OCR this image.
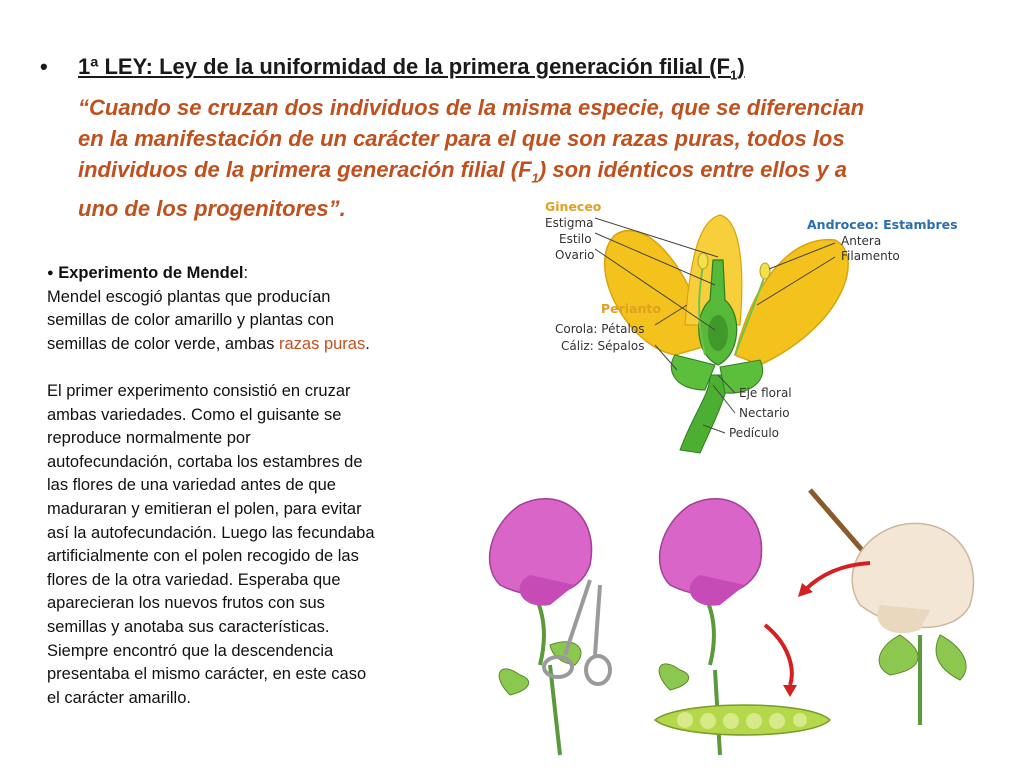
• 1ª LEY: Ley de la uniformidad de la primera generación filial $(F_1)$
“Cuando se cruzan dos individuos de la misma especie, que se diferencian
en la manifestación de un carácter para el que son razas puras, todos los
individuos de la primera generación filial $(F_1)$ son idénticos entre ellos y a
uno de los progenitores”.

● Experimento de Mendel:

Mendel escogió plantas que producían

semillas de color amarillo y plantas con

semillas de color verde, ambas razas puras.

El primer experimento consistió en cruzar

ambas variedades. Como el guisante se

reproduce normalmente por

autofecundación, cortaba los estambres de

las flores de una variedad antes de que

maduraran y emitieran el polen, para evitar

así la autofecundación. Luego las fecundaba

artificialmente con el polen recogido de las

flores de la otra variedad. Esperaba que

aparecieran los nuevos frutos con sus

semillas y anotaba sus características.

Siempre encontró que la descendencia

presentaba el mismo carácter, en este caso

el carácter amarillo.

Gineceo
Estigma
Estilo
Ovario
Androceo: Estambres
Antera
Filamento
Perianto
Corola: Pétalos
Cáliz: Sépalos
Eje floral
Nectario
Pedículo
